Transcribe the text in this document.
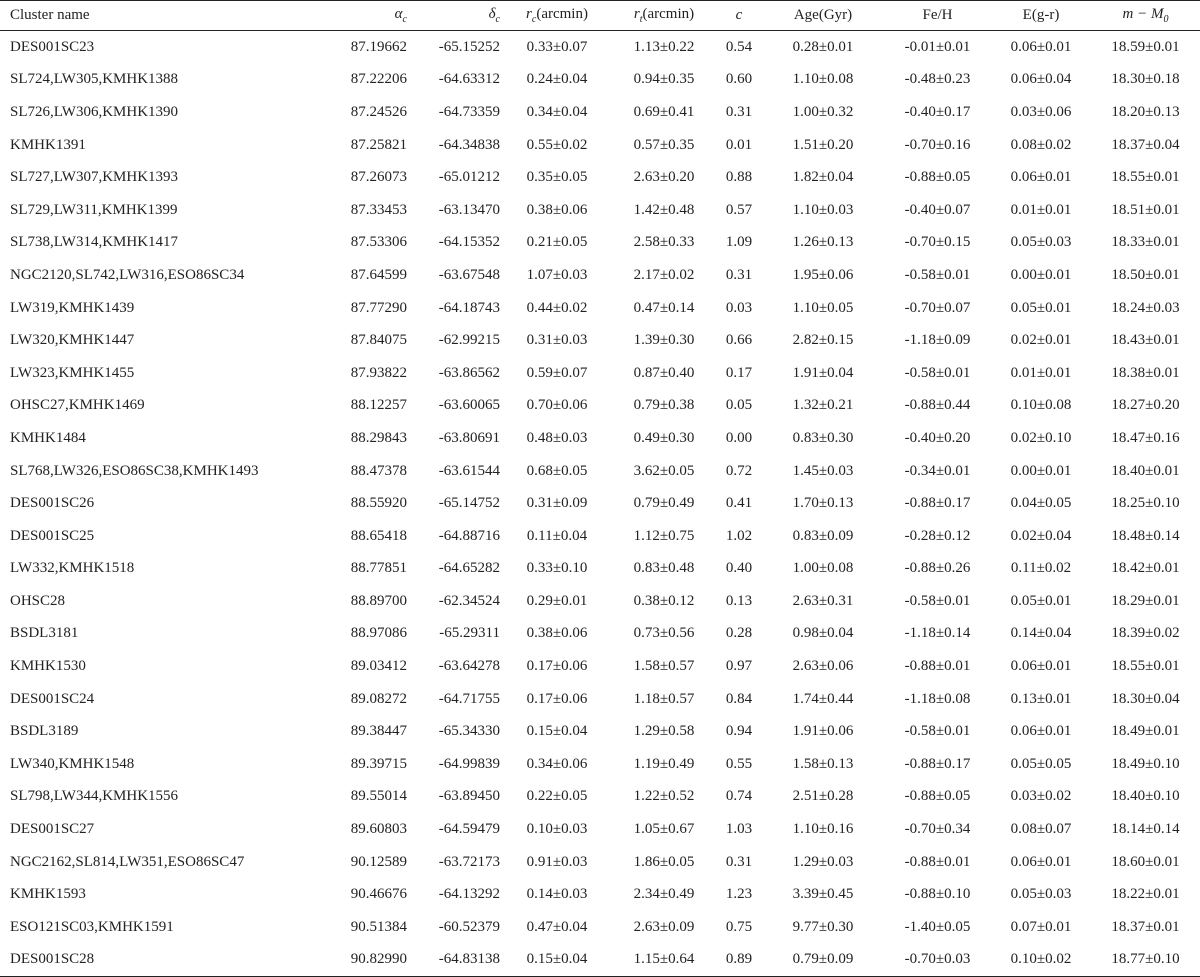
Cluster name	$\alpha_c$	$\delta_c$	$r_c(arcmin)$	$r_t(arcmin)$	c	Age(Gyr)	Fe/H	E(g-r)	$m - M_0$
DES001SC23	87.19662	-65.15252	0.33±0.07	1.13±0.22	0.54	0.28±0.01	-0.01±0.01	0.06±0.01	18.59±0.01
SL724,LW305,KMHK1388	87.22206	-64.63312	0.24±0.04	0.94±0.35	0.60	1.10±0.08	-0.48±0.23	0.06±0.04	18.30±0.18
SL726,LW306,KMHK1390	87.24526	-64.73359	0.34±0.04	0.69±0.41	0.31	1.00±0.32	-0.40±0.17	0.03±0.06	18.20±0.13
KMHK1391	87.25821	-64.34838	0.55±0.02	0.57±0.35	0.01	1.51±0.20	-0.70±0.16	0.08±0.02	18.37±0.04
SL727,LW307,KMHK1393	87.26073	-65.01212	0.35±0.05	2.63±0.20	0.88	1.82±0.04	-0.88±0.05	0.06±0.01	18.55±0.01
SL729,LW311,KMHK1399	87.33453	-63.13470	0.38±0.06	1.42±0.48	0.57	1.10±0.03	-0.40±0.07	0.01±0.01	18.51±0.01
SL738,LW314,KMHK1417	87.53306	-64.15352	0.21±0.05	2.58±0.33	1.09	1.26±0.13	-0.70±0.15	0.05±0.03	18.33±0.01
NGC2120,SL742,LW316,ESO86SC34	87.64599	-63.67548	1.07±0.03	2.17±0.02	0.31	1.95±0.06	-0.58±0.01	0.00±0.01	18.50±0.01
LW319,KMHK1439	87.77290	-64.18743	0.44±0.02	0.47±0.14	0.03	1.10±0.05	-0.70±0.07	0.05±0.01	18.24±0.03
LW320,KMHK1447	87.84075	-62.99215	0.31±0.03	1.39±0.30	0.66	2.82±0.15	-1.18±0.09	0.02±0.01	18.43±0.01
LW323,KMHK1455	87.93822	-63.86562	0.59±0.07	0.87±0.40	0.17	1.91±0.04	-0.58±0.01	0.01±0.01	18.38±0.01
OHSC27,KMHK1469	88.12257	-63.60065	0.70±0.06	0.79±0.38	0.05	1.32±0.21	-0.88±0.44	0.10±0.08	18.27±0.20
KMHK1484	88.29843	-63.80691	0.48±0.03	0.49±0.30	0.00	0.83±0.30	-0.40±0.20	0.02±0.10	18.47±0.16
SL768,LW326,ESO86SC38,KMHK1493	88.47378	-63.61544	0.68±0.05	3.62±0.05	0.72	1.45±0.03	-0.34±0.01	0.00±0.01	18.40±0.01
DES001SC26	88.55920	-65.14752	0.31±0.09	0.79±0.49	0.41	1.70±0.13	-0.88±0.17	0.04±0.05	18.25±0.10
DES001SC25	88.65418	-64.88716	0.11±0.04	1.12±0.75	1.02	0.83±0.09	-0.28±0.12	0.02±0.04	18.48±0.14
LW332,KMHK1518	88.77851	-64.65282	0.33±0.10	0.83±0.48	0.40	1.00±0.08	-0.88±0.26	0.11±0.02	18.42±0.01
OHSC28	88.89700	-62.34524	0.29±0.01	0.38±0.12	0.13	2.63±0.31	-0.58±0.01	0.05±0.01	18.29±0.01
BSDL3181	88.97086	-65.29311	0.38±0.06	0.73±0.56	0.28	0.98±0.04	-1.18±0.14	0.14±0.04	18.39±0.02
KMHK1530	89.03412	-63.64278	0.17±0.06	1.58±0.57	0.97	2.63±0.06	-0.88±0.01	0.06±0.01	18.55±0.01
DES001SC24	89.08272	-64.71755	0.17±0.06	1.18±0.57	0.84	1.74±0.44	-1.18±0.08	0.13±0.01	18.30±0.04
BSDL3189	89.38447	-65.34330	0.15±0.04	1.29±0.58	0.94	1.91±0.06	-0.58±0.01	0.06±0.01	18.49±0.01
LW340,KMHK1548	89.39715	-64.99839	0.34±0.06	1.19±0.49	0.55	1.58±0.13	-0.88±0.17	0.05±0.05	18.49±0.10
SL798,LW344,KMHK1556	89.55014	-63.89450	0.22±0.05	1.22±0.52	0.74	2.51±0.28	-0.88±0.05	0.03±0.02	18.40±0.10
DES001SC27	89.60803	-64.59479	0.10±0.03	1.05±0.67	1.03	1.10±0.16	-0.70±0.34	0.08±0.07	18.14±0.14
NGC2162,SL814,LW351,ESO86SC47	90.12589	-63.72173	0.91±0.03	1.86±0.05	0.31	1.29±0.03	-0.88±0.01	0.06±0.01	18.60±0.01
KMHK1593	90.46676	-64.13292	0.14±0.03	2.34±0.49	1.23	3.39±0.45	-0.88±0.10	0.05±0.03	18.22±0.01
ESO121SC03,KMHK1591	90.51384	-60.52379	0.47±0.04	2.63±0.09	0.75	9.77±0.30	-1.40±0.05	0.07±0.01	18.37±0.01
DES001SC28	90.82990	-64.83138	0.15±0.04	1.15±0.64	0.89	0.79±0.09	-0.70±0.03	0.10±0.02	18.77±0.10
